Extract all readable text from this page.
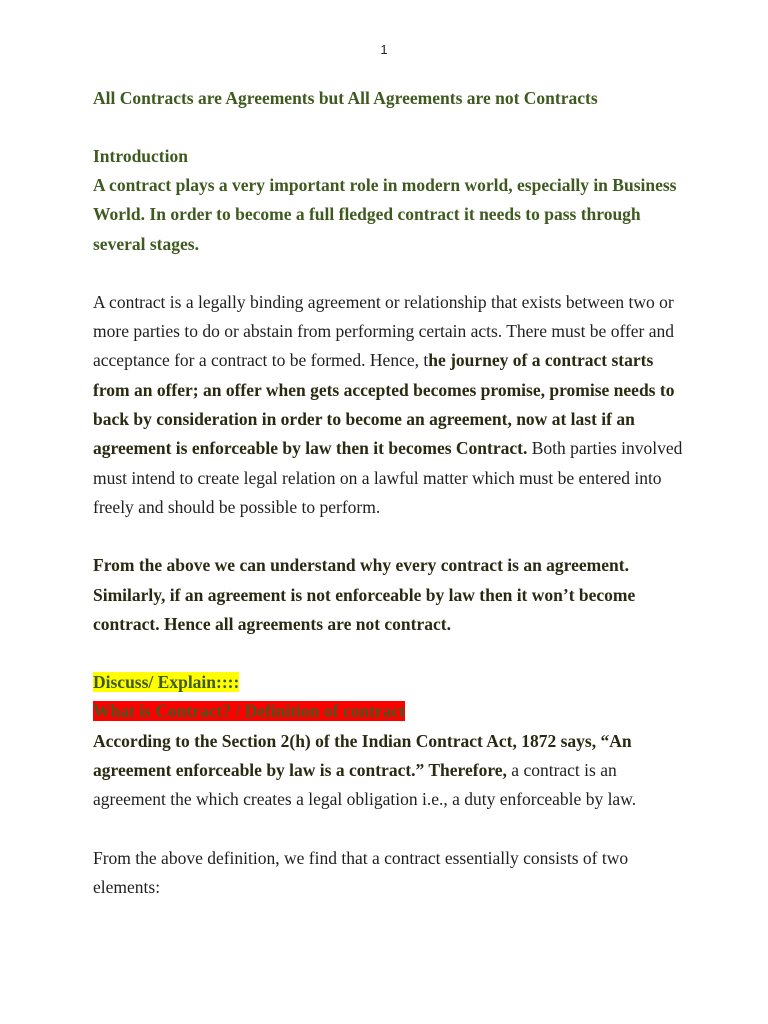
1
All Contracts are Agreements but All Agreements are not Contracts
Introduction

A contract plays a very important role in modern world, especially in Business World. In order to become a full fledged contract it needs to pass through several stages.

A contract is a legally binding agreement or relationship that exists between two or more parties to do or abstain from performing certain acts. There must be offer and acceptance for a contract to be formed. Hence, the journey of a contract starts from an offer; an offer when gets accepted becomes promise, promise needs to back by consideration in order to become an agreement, now at last if an agreement is enforceable by law then it becomes Contract. Both parties involved must intend to create legal relation on a lawful matter which must be entered into freely and should be possible to perform.

From the above we can understand why every contract is an agreement. Similarly, if an agreement is not enforceable by law then it won’t become contract. Hence all agreements are not contract.

Discuss/ Explain::::

What is Contract? / Definition of contract

According to the Section 2(h) of the Indian Contract Act, 1872 says, “An agreement enforceable by law is a contract.” Therefore, a contract is an agreement the which creates a legal obligation i.e., a duty enforceable by law.

From the above definition, we find that a contract essentially consists of two elements:
